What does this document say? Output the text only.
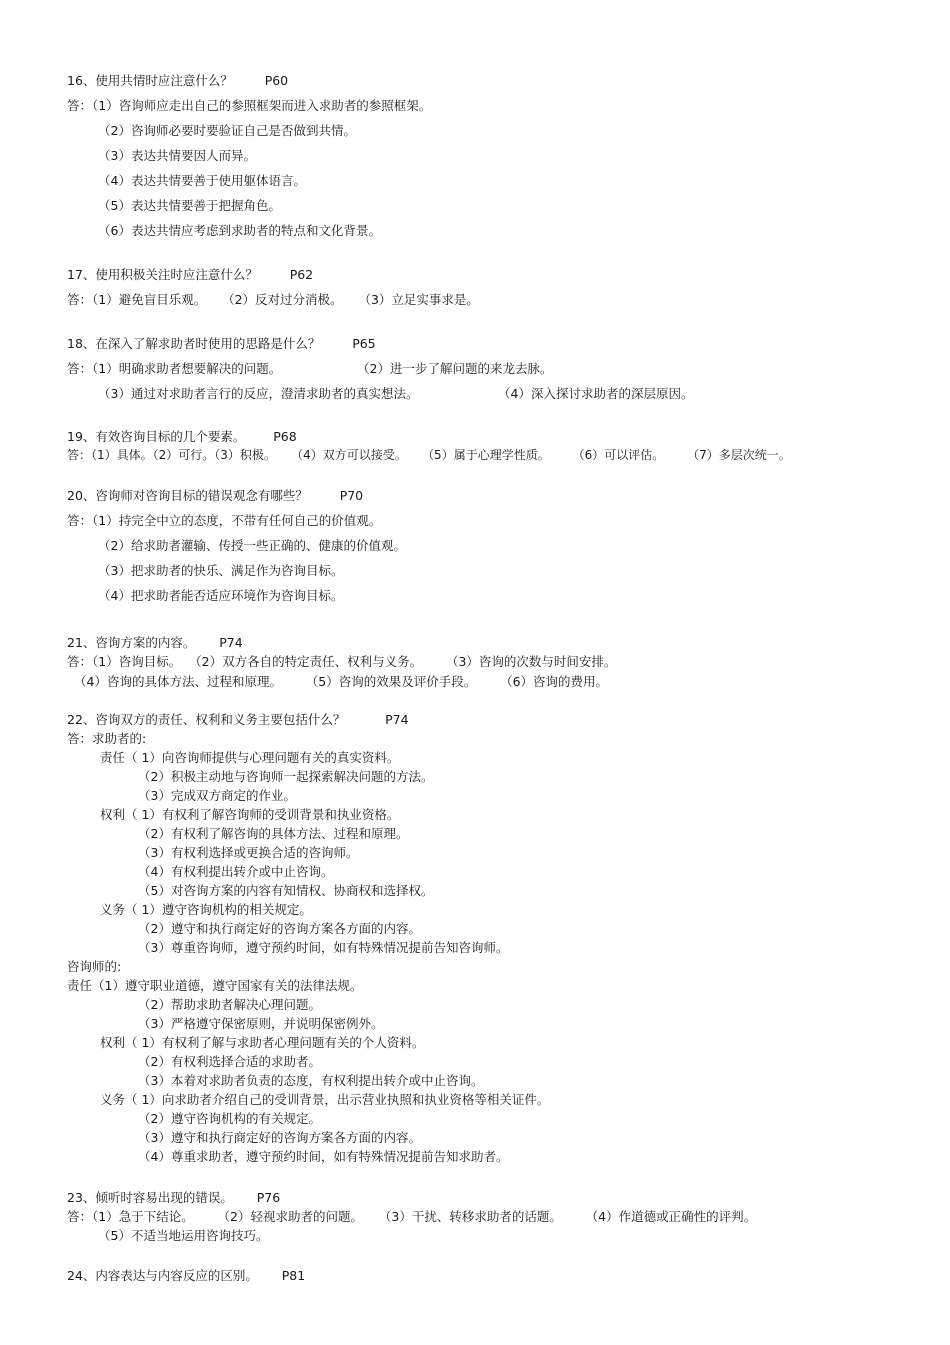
16、使用共情时应注意什么？        P60
答：（1）咨询师应走出自己的参照框架而进入求助者的参照框架。
（2）咨询师必要时要验证自己是否做到共情。
（3）表达共情要因人而异。
（4）表达共情要善于使用躯体语言。
（5）表达共情要善于把握角色。
（6）表达共情应考虑到求助者的特点和文化背景。
17、使用积极关注时应注意什么？        P62
答：（1）避免盲目乐观。    （2）反对过分消极。    （3）立足实事求是。
18、在深入了解求助者时使用的思路是什么？        P65
答：（1）明确求助者想要解决的问题。	（2）进一步了解问题的来龙去脉。
（3）通过对求助者言行的反应，澄清求助者的真实想法。	（4）深入探讨求助者的深层原因。
19、有效咨询目标的几个要素。       P68
答：（1）具体。（2）可行。（3）积极。    （4）双方可以接受。    （5）属于心理学性质。      （6）可以评估。      （7）多层次统一。
20、咨询师对咨询目标的错误观念有哪些？        P70
答：（1）持完全中立的态度，不带有任何自己的价值观。
（2）给求助者灌输、传授一些正确的、健康的价值观。
（3）把求助者的快乐、满足作为咨询目标。
（4）把求助者能否适应环境作为咨询目标。
21、咨询方案的内容。      P74
答：（1）咨询目标。  （2）双方各自的特定责任、权利与义务。      （3）咨询的次数与时间安排。
（4）咨询的具体方法、过程和原理。      （5）咨询的效果及评价手段。      （6）咨询的费用。
22、咨询双方的责任、权利和义务主要包括什么？          P74
答：求助者的:
责任（ 1）向咨询师提供与心理问题有关的真实资料。
（2）积极主动地与咨询师一起探索解决问题的方法。
（3）完成双方商定的作业。
权利（ 1）有权利了解咨询师的受训背景和执业资格。
（2）有权利了解咨询的具体方法、过程和原理。
（3）有权利选择或更换合适的咨询师。
（4）有权利提出转介或中止咨询。
（5）对咨询方案的内容有知情权、协商权和选择权。
义务（ 1）遵守咨询机构的相关规定。
（2）遵守和执行商定好的咨询方案各方面的内容。
（3）尊重咨询师，遵守预约时间，如有特殊情况提前告知咨询师。
咨询师的:
责任（1）遵守职业道德，遵守国家有关的法律法规。
（2）帮助求助者解决心理问题。
（3）严格遵守保密原则，并说明保密例外。
权利（ 1）有权利了解与求助者心理问题有关的个人资料。
（2）有权利选择合适的求助者。
（3）本着对求助者负责的态度，有权利提出转介或中止咨询。
义务（ 1）向求助者介绍自己的受训背景，出示营业执照和执业资格等相关证件。
（2）遵守咨询机构的有关规定。
（3）遵守和执行商定好的咨询方案各方面的内容。
（4）尊重求助者，遵守预约时间，如有特殊情况提前告知求助者。
23、倾听时容易出现的错误。      P76
答：（1）急于下结论。      （2）轻视求助者的问题。    （3）干扰、转移求助者的话题。      （4）作道德或正确性的评判。
（5）不适当地运用咨询技巧。
24、内容表达与内容反应的区别。      P81
